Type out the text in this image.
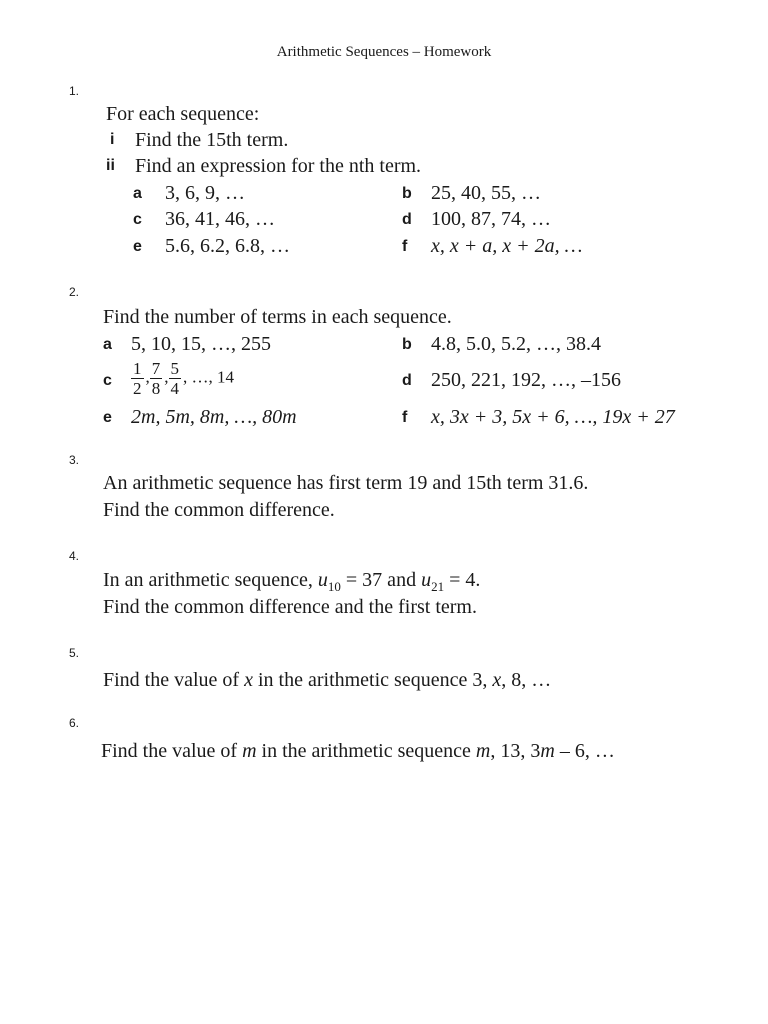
Arithmetic Sequences – Homework
1.
For each sequence:
i Find the 15th term.
ii Find an expression for the nth term.
a 3, 6, 9, …	b 25, 40, 55, …
c 36, 41, 46, …	d 100, 87, 74, …
e 5.6, 6.2, 6.8, …	f x, x + a, x + 2a, …
2.
Find the number of terms in each sequence.
a 5, 10, 15, …, 255	b 4.8, 5.0, 5.2, …, 38.4
c $\frac{1}{2}$ , $\frac{7}{8}$ , $\frac{5}{4}$ , …, 14	d 250, 221, 192, …, –156
e 2m, 5m, 8m, …, 80m	f x, 3x + 3, 5x + 6, …, 19x + 27
3.
An arithmetic sequence has first term 19 and 15th term 31.6.
Find the common difference.
4.
In an arithmetic sequence, $u_{10} = 37$ and $u_{21} = 4$.
Find the common difference and the first term.
5.
Find the value of x in the arithmetic sequence 3, x, 8, …
6.
Find the value of m in the arithmetic sequence m, 13, 3m – 6, …
